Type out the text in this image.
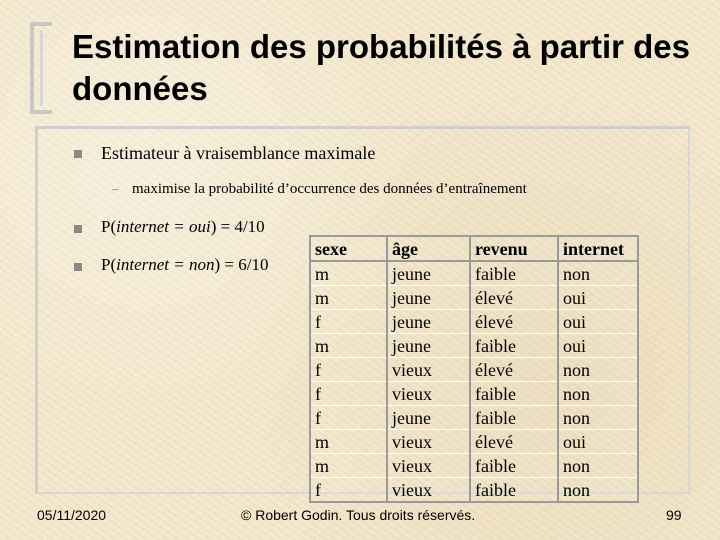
Estimation des probabilités à partir des données
Estimateur à vraisemblance maximale
– maximise la probabilité d’occurrence des données d’entraînement
P(internet = oui) = 4/10
P(internet = non) = 6/10
sexe	âge	revenu	internet
m	jeune	faible	non
m	jeune	élevé	oui
f	jeune	élevé	oui
m	jeune	faible	oui
f	vieux	élevé	non
f	vieux	faible	non
f	jeune	faible	non
m	vieux	élevé	oui
m	vieux	faible	non
f	vieux	faible	non
05/11/2020	© Robert Godin. Tous droits réservés.	99
